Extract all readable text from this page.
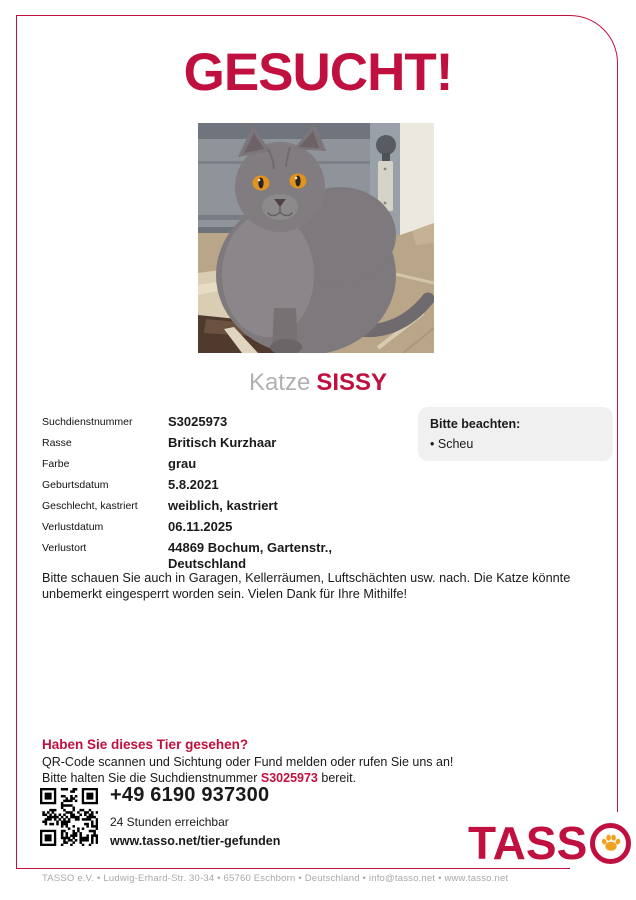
GESUCHT!
Katze SISSY
Suchdienstnummer	S3025973
Rasse	Britisch Kurzhaar
Farbe	grau
Geburtsdatum	5.8.2021
Geschlecht, kastriert	weiblich, kastriert
Verlustdatum	06.11.2025
Verlustort	44869 Bochum, Gartenstr., Deutschland
Bitte beachten:
• Scheu

Bitte schauen Sie auch in Garagen, Kellerräumen, Luftschächten usw. nach. Die Katze könnte unbemerkt eingesperrt worden sein. Vielen Dank für Ihre Mithilfe!

Haben Sie dieses Tier gesehen?
QR-Code scannen und Sichtung oder Fund melden oder rufen Sie uns an!
Bitte halten Sie die Suchdienstnummer S3025973 bereit.
+49 6190 937300
24 Stunden erreichbar
www.tasso.net/tier-gefunden	TASS
TASSO e.V. • Ludwig-Erhard-Str. 30-34 • 65760 Eschborn • Deutschland • info@tasso.net • www.tasso.net
